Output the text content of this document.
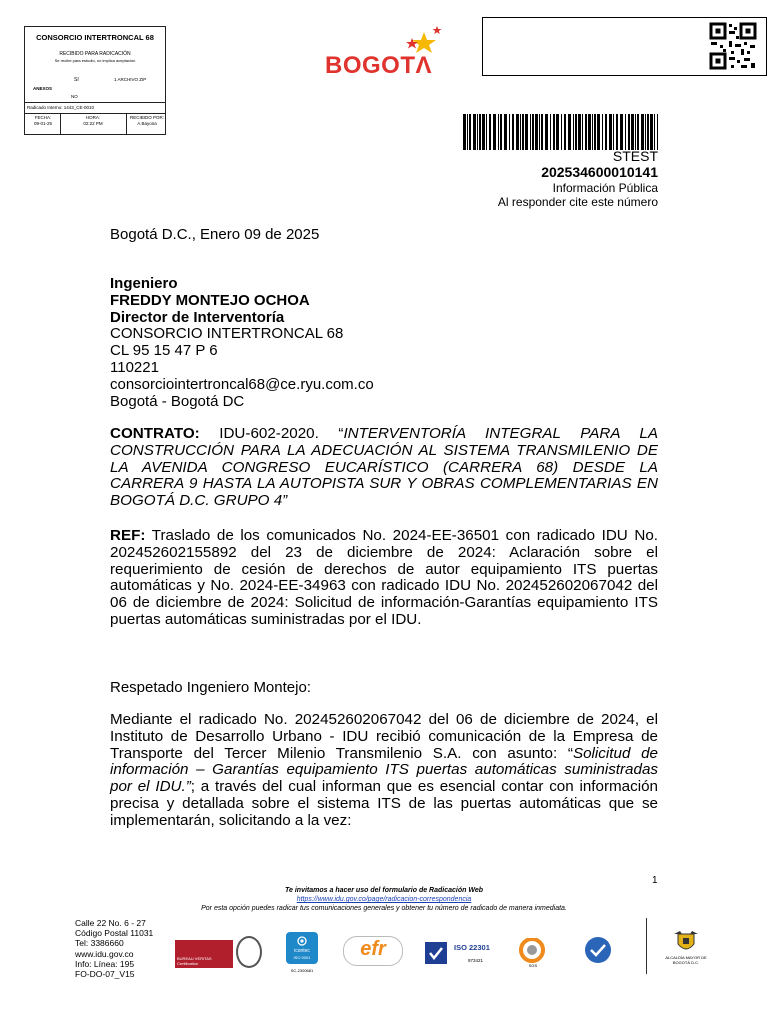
CONSORCIO INTERTRONCAL 68
RECIBIDO PARA RADICACIÓN
Se recibe para estudio, no implica aceptación
SI	1 ARCHIVO ZIP
ANEXOS
NO
Radicado Interno: 1443_CE-0010
FECHA:
09-01-25
HORA:
02:22 PM
RECIBIDO POR:
A.Bayona
BOGOTΛ
STEST
202534600010141
Información Pública
Al responder cite este número
Bogotá D.C., Enero 09 de 2025
Ingeniero
FREDDY MONTEJO OCHOA
Director de Interventoría
CONSORCIO INTERTRONCAL 68
CL 95 15 47 P 6
110221
consorciointertroncal68@ce.ryu.com.co
Bogotá - Bogotá DC
CONTRATO: IDU-602-2020. “INTERVENTORÍA INTEGRAL PARA LA CONSTRUCCIÓN PARA LA ADECUACIÓN AL SISTEMA TRANSMILENIO DE LA AVENIDA CONGRESO EUCARÍSTICO (CARRERA 68) DESDE LA CARRERA 9 HASTA LA AUTOPISTA SUR Y OBRAS COMPLEMENTARIAS EN BOGOTÁ D.C. GRUPO 4”
REF: Traslado de los comunicados No. 2024-EE-36501 con radicado IDU No. 202452602155892 del 23 de diciembre de 2024: Aclaración sobre el requerimiento de cesión de derechos de autor equipamiento ITS puertas automáticas y No. 2024-EE-34963 con radicado IDU No. 202452602067042 del 06 de diciembre de 2024: Solicitud de información-Garantías equipamiento ITS puertas automáticas suministradas por el IDU.
Respetado Ingeniero Montejo:
Mediante el radicado No. 202452602067042 del 06 de diciembre de 2024, el Instituto de Desarrollo Urbano - IDU recibió comunicación de la Empresa de Transporte del Tercer Milenio Transmilenio S.A. con asunto: “Solicitud de información – Garantías equipamiento ITS puertas automáticas suministradas por el IDU.”; a través del cual informan que es esencial contar con información precisa y detallada sobre el sistema ITS de las puertas automáticas que se implementarán, solicitando a la vez:
1
Te invitamos a hacer uso del formulario de Radicación Web
https://www.idu.gov.co/page/radicacion-correspondencia
Por esta opción puedes radicar tus comunicaciones generales y obtener tu número de radicado de manera inmediata.
Calle 22 No. 6 - 27
Código Postal 11031
Tel: 3386660
www.idu.gov.co
Info: Línea: 195
FO-DO-07_V15
BUREAU VERITAS Certification
icontec
ISO 9001
SC-2300681
efr	ISO 22301
973421
SGS
ALCALDÍA MAYOR DE BOGOTÁ D.C.
